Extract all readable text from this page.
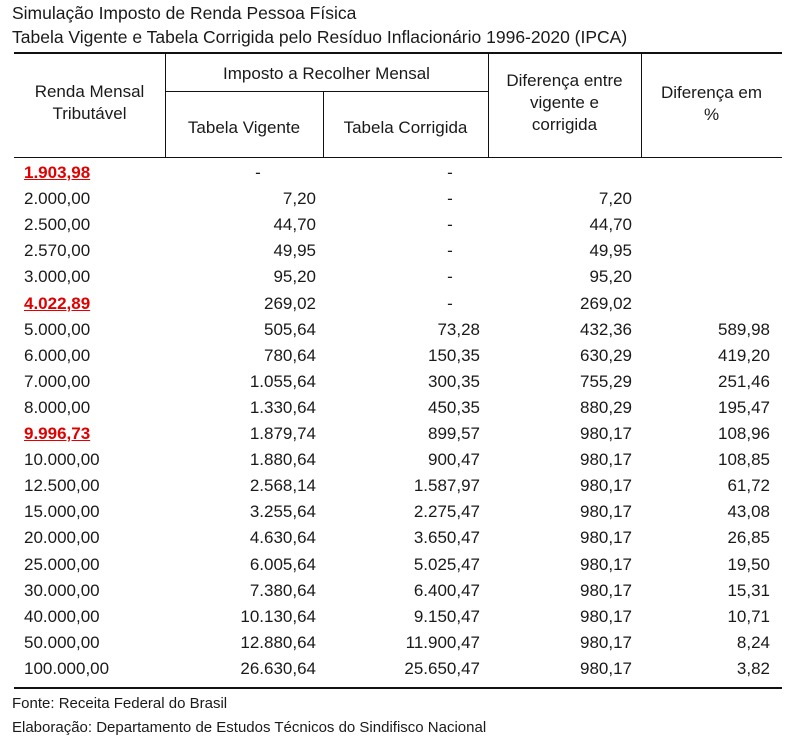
Simulação Imposto de Renda Pessoa Física
Tabela Vigente e Tabela Corrigida pelo Resíduo Inflacionário 1996-2020 (IPCA)
Renda Mensal
Tributável
Imposto a Recolher Mensal
Tabela Vigente	Tabela Corrigida
Diferença entre
vigente e
corrigida
Diferença em
%
1.903,98	-	-
2.000,00	7,20	-	7,20
2.500,00	44,70	-	44,70
2.570,00	49,95	-	49,95
3.000,00	95,20	-	95,20
4.022,89	269,02	-	269,02
5.000,00	505,64	73,28	432,36	589,98
6.000,00	780,64	150,35	630,29	419,20
7.000,00	1.055,64	300,35	755,29	251,46
8.000,00	1.330,64	450,35	880,29	195,47
9.996,73	1.879,74	899,57	980,17	108,96
10.000,00	1.880,64	900,47	980,17	108,85
12.500,00	2.568,14	1.587,97	980,17	61,72
15.000,00	3.255,64	2.275,47	980,17	43,08
20.000,00	4.630,64	3.650,47	980,17	26,85
25.000,00	6.005,64	5.025,47	980,17	19,50
30.000,00	7.380,64	6.400,47	980,17	15,31
40.000,00	10.130,64	9.150,47	980,17	10,71
50.000,00	12.880,64	11.900,47	980,17	8,24
100.000,00	26.630,64	25.650,47	980,17	3,82
Fonte: Receita Federal do Brasil
Elaboração: Departamento de Estudos Técnicos do Sindifisco Nacional
